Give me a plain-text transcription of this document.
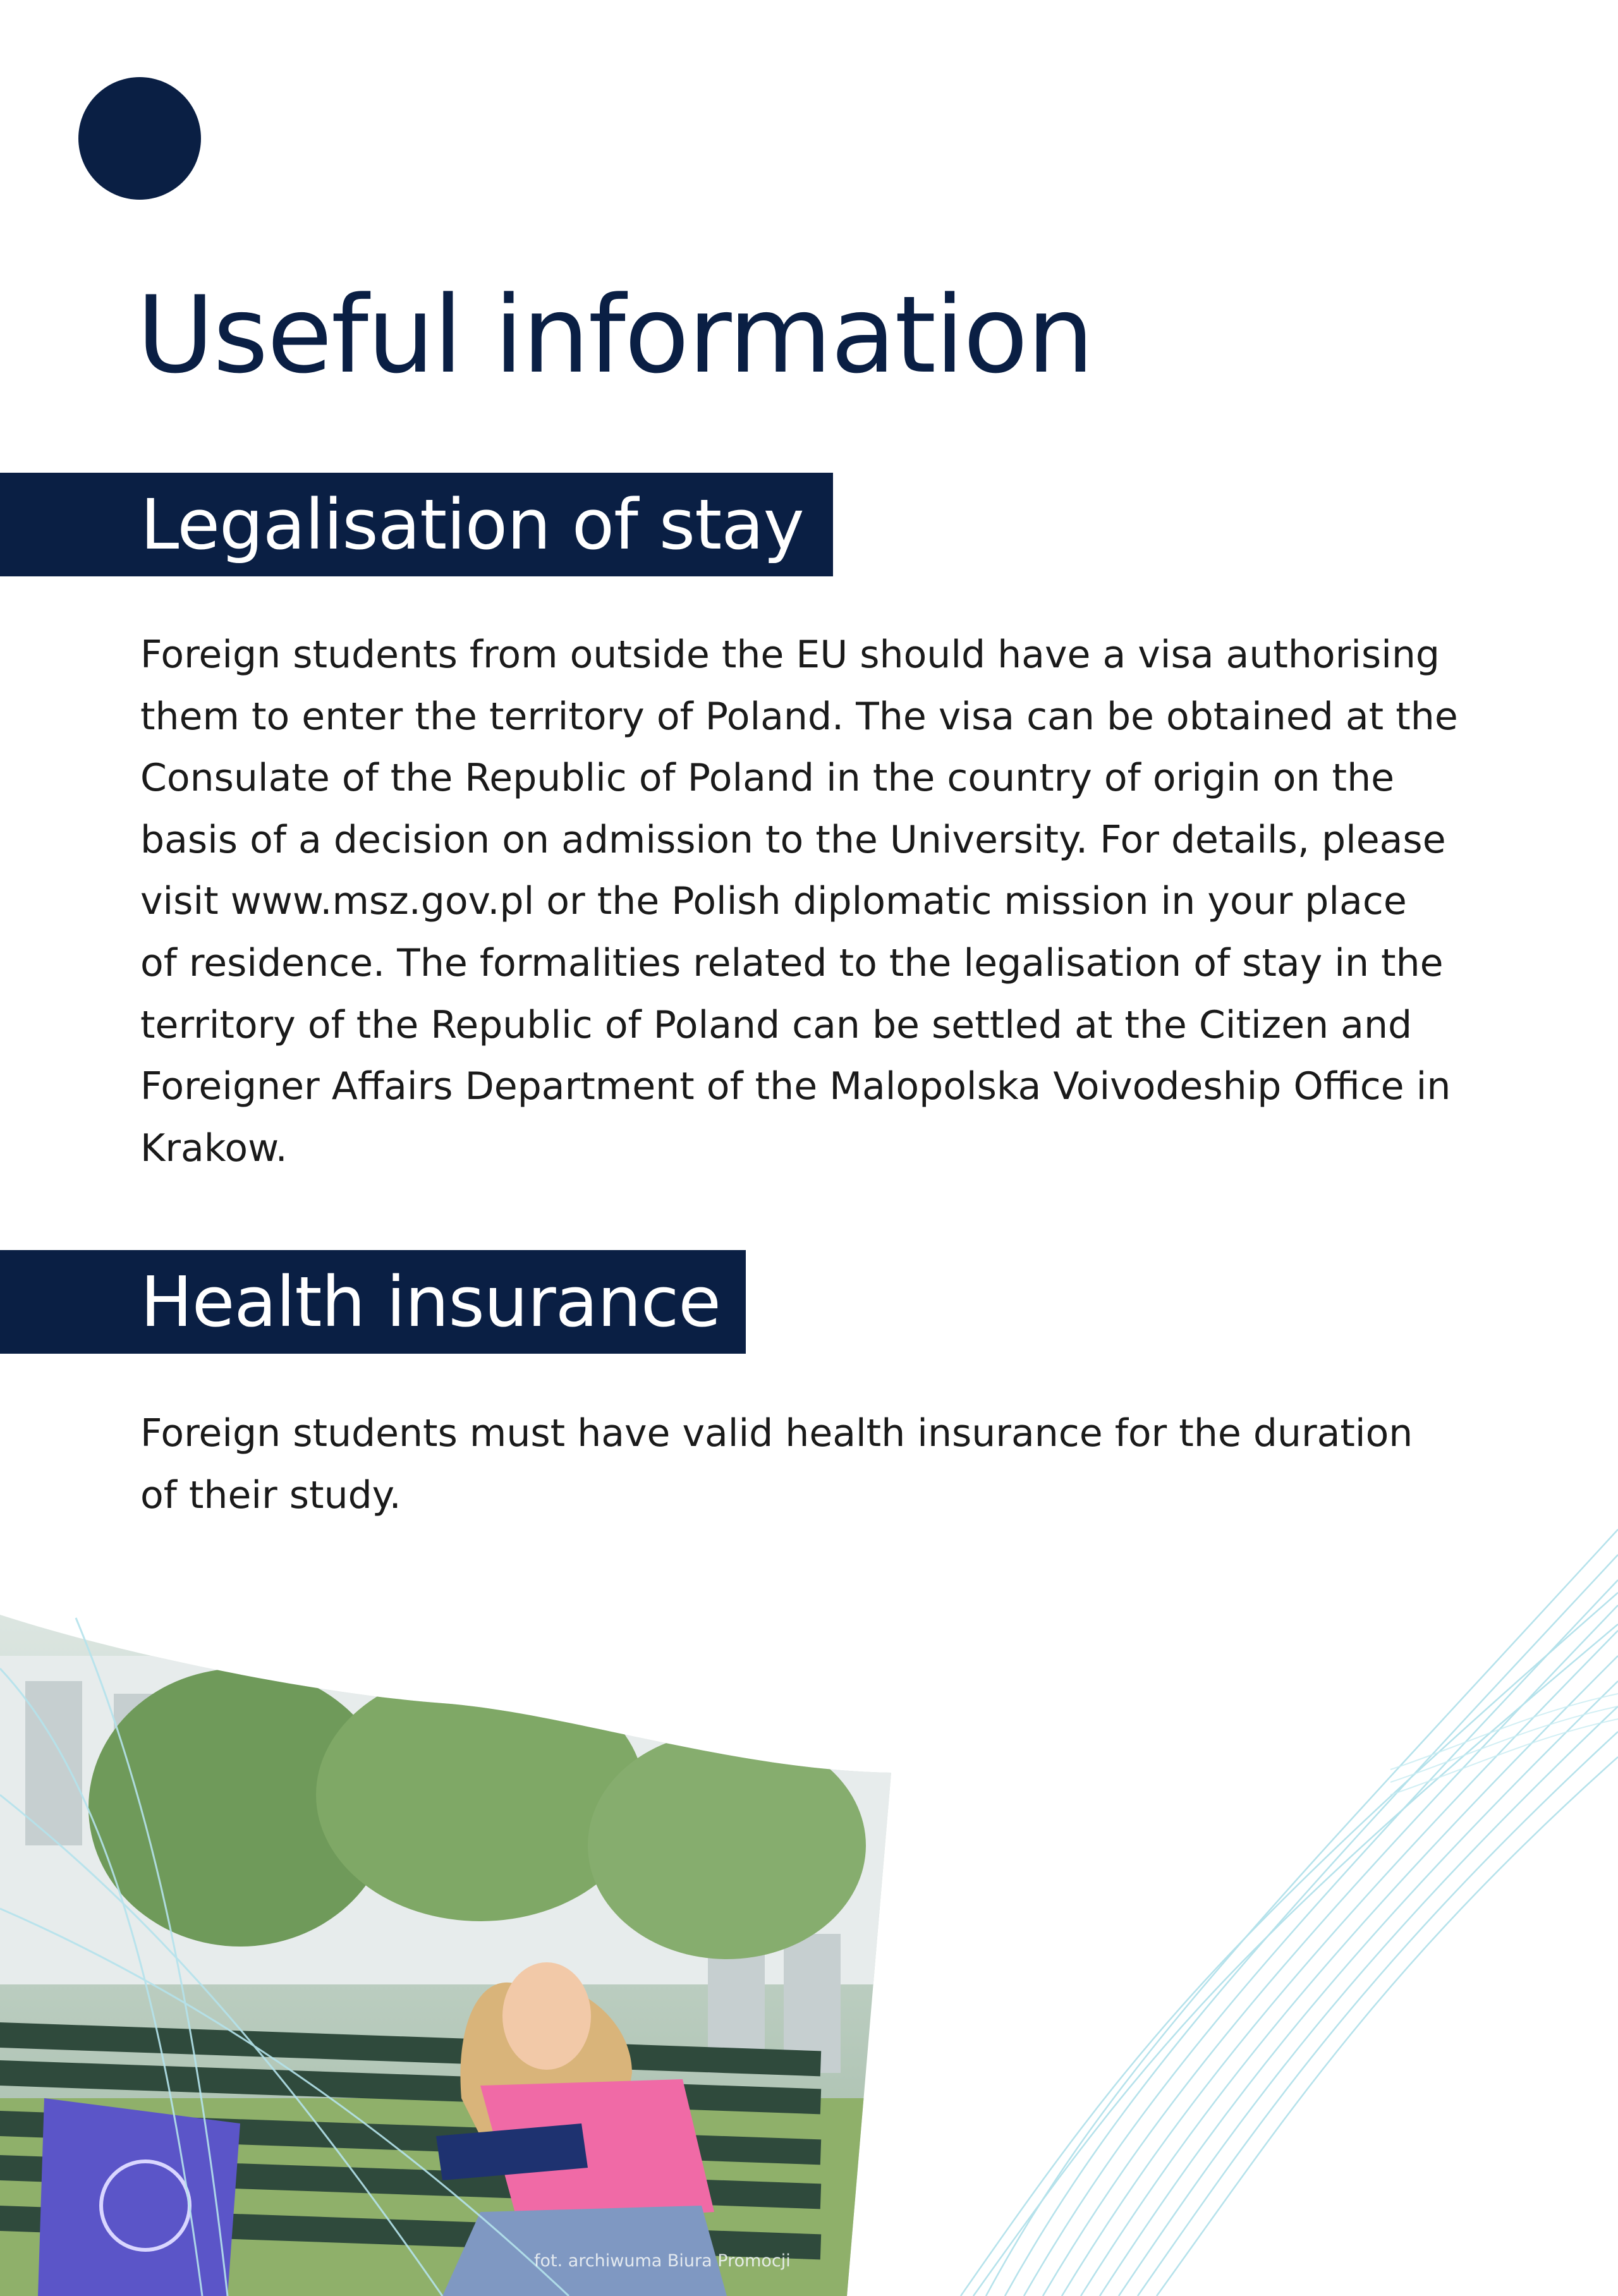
Useful information
Legalisation of stay

Foreign students from outside the EU should have a visa authorising

them to enter the territory of Poland. The visa can be obtained at the

Consulate of the Republic of Poland in the country of origin on the

basis of a decision on admission to the University. For details, please

visit www.msz.gov.pl or the Polish diplomatic mission in your place

of residence. The formalities related to the legalisation of stay in the

territory of the Republic of Poland can be settled at the Citizen and

Foreigner Affairs Department of the Malopolska Voivodeship Office in

Krakow.

Health insurance

Foreign students must have valid health insurance for the duration

of their study.

fot. archiwuma Biura Promocji
